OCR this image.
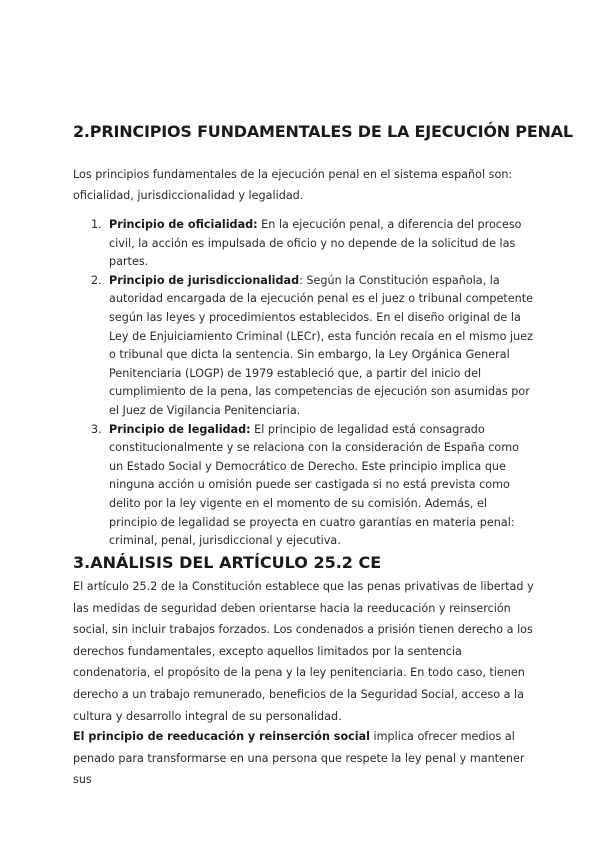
2.PRINCIPIOS FUNDAMENTALES DE LA EJECUCIÓN PENAL

Los principios fundamentales de la ejecución penal en el sistema español son: oficialidad, jurisdiccionalidad y legalidad.

1. Principio de oficialidad: En la ejecución penal, a diferencia del proceso civil, la acción es impulsada de oficio y no depende de la solicitud de las partes.
2. Principio de jurisdiccionalidad: Según la Constitución española, la autoridad encargada de la ejecución penal es el juez o tribunal competente según las leyes y procedimientos establecidos. En el diseño original de la Ley de Enjuiciamiento Criminal (LECr), esta función recaía en el mismo juez o tribunal que dicta la sentencia. Sin embargo, la Ley Orgánica General Penitenciaria (LOGP) de 1979 estableció que, a partir del inicio del cumplimiento de la pena, las competencias de ejecución son asumidas por el Juez de Vigilancia Penitenciaria.
3. Principio de legalidad: El principio de legalidad está consagrado constitucionalmente y se relaciona con la consideración de España como un Estado Social y Democrático de Derecho. Este principio implica que ninguna acción u omisión puede ser castigada si no está prevista como delito por la ley vigente en el momento de su comisión. Además, el principio de legalidad se proyecta en cuatro garantías en materia penal: criminal, penal, jurisdiccional y ejecutiva.
3.ANÁLISIS DEL ARTÍCULO 25.2 CE

El artículo 25.2 de la Constitución establece que las penas privativas de libertad y las medidas de seguridad deben orientarse hacia la reeducación y reinserción social, sin incluir trabajos forzados. Los condenados a prisión tienen derecho a los derechos fundamentales, excepto aquellos limitados por la sentencia condenatoria, el propósito de la pena y la ley penitenciaria. En todo caso, tienen derecho a un trabajo remunerado, beneficios de la Seguridad Social, acceso a la cultura y desarrollo integral de su personalidad.

El principio de reeducación y reinserción social implica ofrecer medios al penado para transformarse en una persona que respete la ley penal y mantener sus
